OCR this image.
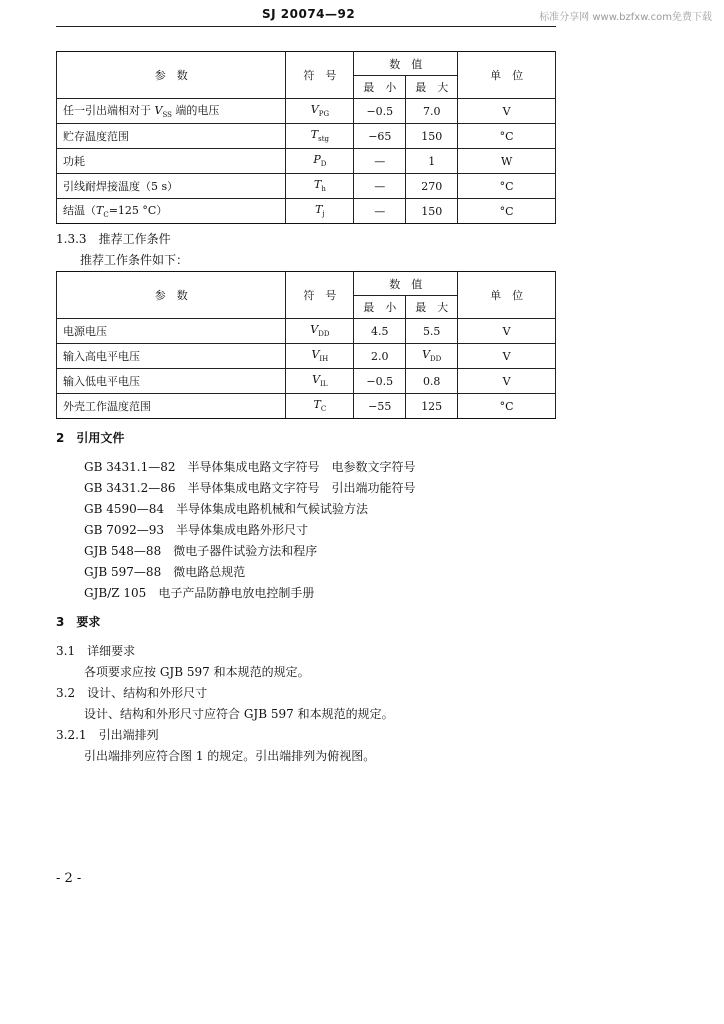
SJ 20074—92	标准分享网 www.bzfxw.com免费下载
参　数	符　号	数　值		单　位
		最　小	最　大	
任一引出端相对于 $V_{SS}$ 端的电压	$V_{PG}$	−0.5	7.0	V
贮存温度范围	$T_{stg}$	−65	150	°C
功耗	$P_D$	—	1	W
引线耐焊接温度（5 s）	$T_h$	—	270	°C
结温（$T_C=125$ °C）	$T_j$	—	150	°C
1.3.3　 推荐工作条件
推荐工作条件如下：
参　数	符　号	数　值		单　位
		最　小	最　大	
电源电压	$V_{DD}$	4.5	5.5	V
输入高电平电压	$V_{IH}$	2.0	$V_{DD}$	V
输入低电平电压	$V_{IL}$	−0.5	0.8	V
外壳工作温度范围	$T_C$	−55	125	°C
2　引用文件
GB 3431.1—82　半导体集成电路文字符号　电参数文字符号
GB 3431.2—86　半导体集成电路文字符号　引出端功能符号
GB 4590—84　半导体集成电路机械和气候试验方法
GB 7092—93　半导体集成电路外形尺寸
GJB 548—88　微电子器件试验方法和程序
GJB 597—88　微电路总规范
GJB/Z 105　电子产品防静电放电控制手册
3　要求
3.1　 详细要求
各项要求应按 GJB 597 和本规范的规定。
3.2　 设计、结构和外形尺寸
设计、结构和外形尺寸应符合 GJB 597 和本规范的规定。
3.2.1　 引出端排列
引出端排列应符合图 1 的规定。引出端排列为俯视图。
- 2 -
